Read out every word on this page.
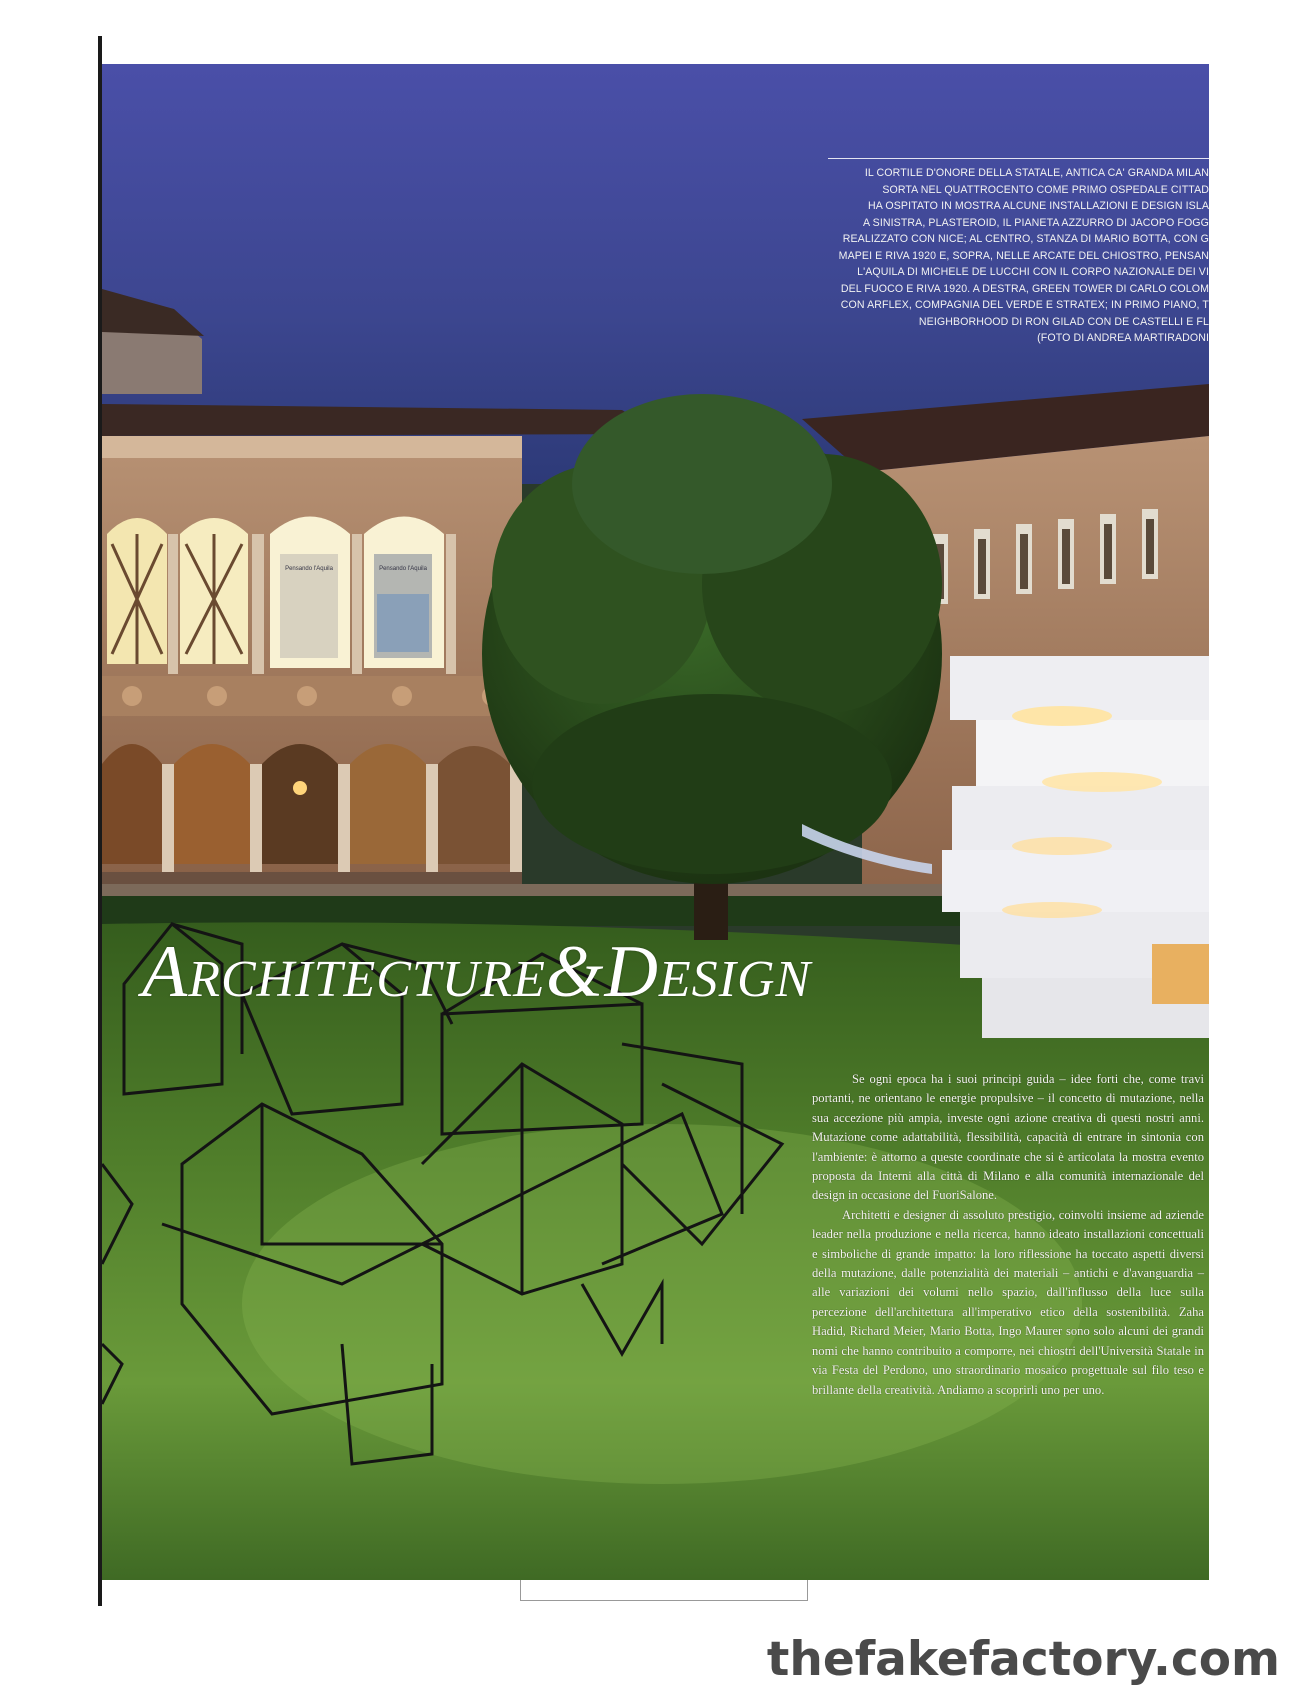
Pensando l'Aquila	Pensando l'Aquila
IL CORTILE D'ONORE DELLA STATALE, ANTICA CA' GRANDA MILAN
SORTA NEL QUATTROCENTO COME PRIMO OSPEDALE CITTAD
HA OSPITATO IN MOSTRA ALCUNE INSTALLAZIONI E DESIGN ISLA
A SINISTRA, PLASTEROID, IL PIANETA AZZURRO DI JACOPO FOGG
REALIZZATO CON NICE; AL CENTRO, STANZA DI MARIO BOTTA, CON G
MAPEI E RIVA 1920 E, SOPRA, NELLE ARCATE DEL CHIOSTRO, PENSAN
L'AQUILA DI MICHELE DE LUCCHI CON IL CORPO NAZIONALE DEI VI
DEL FUOCO E RIVA 1920. A DESTRA, GREEN TOWER DI CARLO COLOM
CON ARFLEX, COMPAGNIA DEL VERDE E STRATEX; IN PRIMO PIANO, T
NEIGHBORHOOD DI RON GILAD CON DE CASTELLI E FL
(FOTO DI ANDREA MARTIRADONI
Architecture&Design

Se ogni epoca ha i suoi principi guida – idee forti che, come travi portanti, ne orientano le energie propulsive – il concetto di mutazione, nella sua accezione più ampia, investe ogni azione creativa di questi nostri anni. Mutazione come adattabilità, flessibilità, capacità di entrare in sintonia con l'ambiente: è attorno a queste coordinate che si è articolata la mostra evento proposta da Interni alla città di Milano e alla comunità internazionale del design in occasione del FuoriSalone.

Architetti e designer di assoluto prestigio, coinvolti insieme ad aziende leader nella produzione e nella ricerca, hanno ideato installazioni concettuali e simboliche di grande impatto: la loro riflessione ha toccato aspetti diversi della mutazione, dalle potenzialità dei materiali – antichi e d'avanguardia – alle variazioni dei volumi nello spazio, dall'influsso della luce sulla percezione dell'architettura all'imperativo etico della sostenibilità. Zaha Hadid, Richard Meier, Mario Botta, Ingo Maurer sono solo alcuni dei grandi nomi che hanno contribuito a comporre, nei chiostri dell'Università Statale in via Festa del Perdono, uno straordinario mosaico progettuale sul filo teso e brillante della creatività. Andiamo a scoprirli uno per uno.

thefakefactory.com
